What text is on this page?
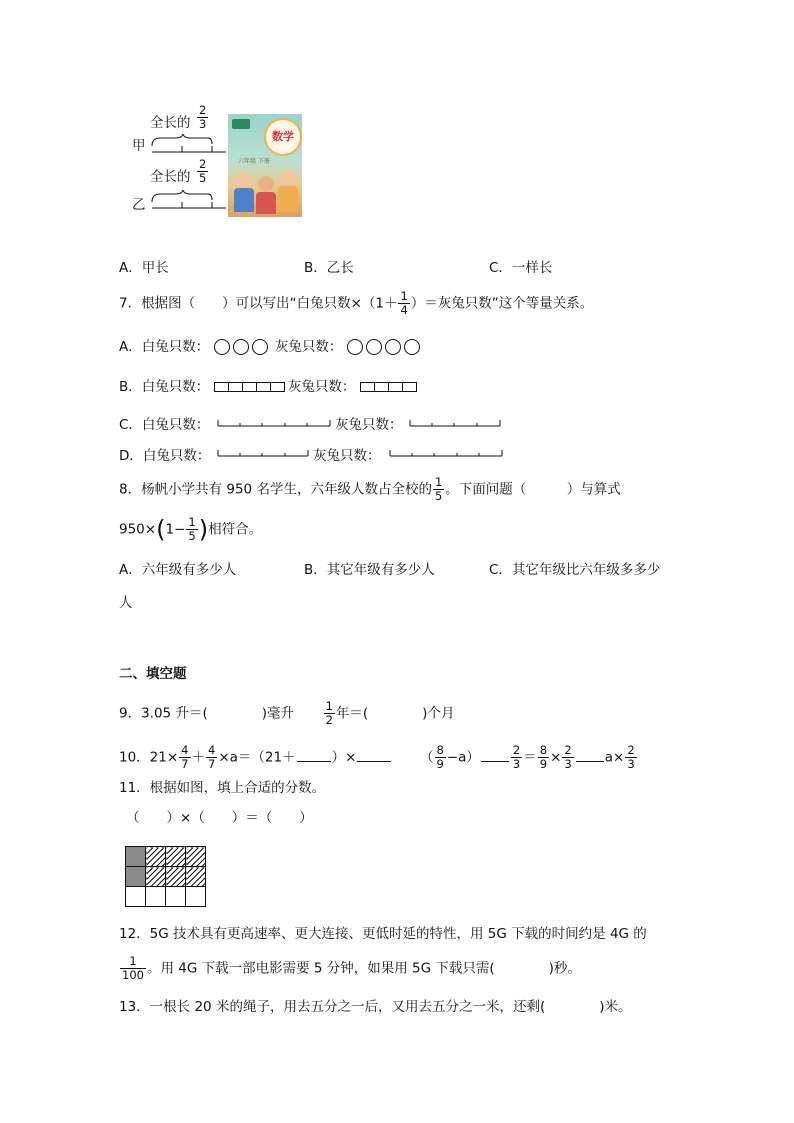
全长的 $\frac{2}{3}$
甲
全长的 $\frac{2}{5}$
乙
数学
六年级 下册
A．甲长	B．乙长	C．一样长
7．根据图（　　）可以写出“白兔只数$\times(1+ \frac{1}{4}$ ）＝灰兔只数”这个等量关系。
A．白兔只数：	灰兔只数：
B．白兔只数：	灰兔只数：
C．白兔只数：	灰兔只数：
D．白兔只数：	灰兔只数：
8．杨帆小学共有 950 名学生，六年级人数占全校的 $\frac{1}{5}$ 。下面问题（　　　）与算式
$950\times(1- \frac{1}{5}$ )相符合。
A．六年级有多少人	B．其它年级有多少人	C．其它年级比六年级多多少
人
二、填空题
9．3.05 升＝(　　　　)毫升	$\frac{1}{2}$ 年＝(　　　　)个月
10．$21\times \frac{4}{7} + \frac{4}{7} \times a=(21+$	）×	（ $\frac{8}{9} -a$）	$\frac{2}{3} = \frac{8}{9} \times \frac{2}{3} a\times \frac{2}{3}$
11．根据如图，填上合适的分数。
（　　）×（　　）＝（　　）

12．5G 技术具有更高速率、更大连接、更低时延的特性，用 5G 下载的时间约是 4G 的
$\frac{1}{100}$ 。用 4G 下载一部电影需要 5 分钟，如果用 5G 下载只需(　　　　)秒。
13．一根长 20 米的绳子，用去五分之一后，又用去五分之一米，还剩(　　　　)米。
